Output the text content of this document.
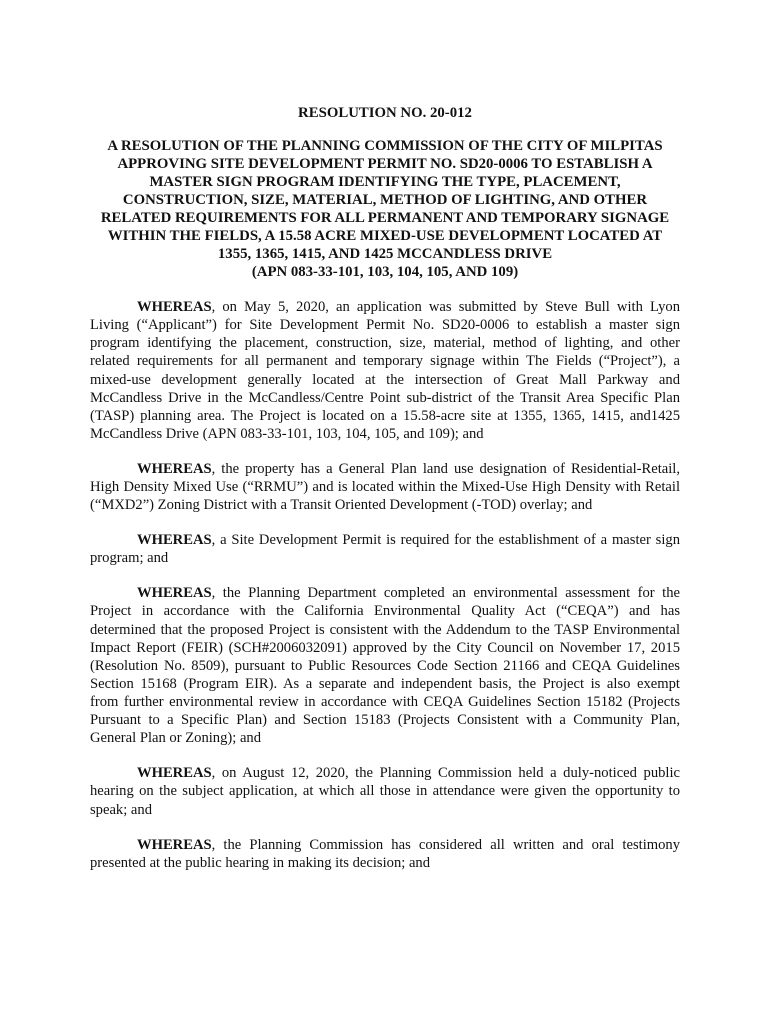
RESOLUTION NO. 20-012
A RESOLUTION OF THE PLANNING COMMISSION OF THE CITY OF MILPITAS
APPROVING SITE DEVELOPMENT PERMIT NO. SD20-0006 TO ESTABLISH A
MASTER SIGN PROGRAM IDENTIFYING THE TYPE, PLACEMENT,
CONSTRUCTION, SIZE, MATERIAL, METHOD OF LIGHTING, AND OTHER
RELATED REQUIREMENTS FOR ALL PERMANENT AND TEMPORARY SIGNAGE
WITHIN THE FIELDS, A 15.58 ACRE MIXED-USE DEVELOPMENT LOCATED AT
1355, 1365, 1415, AND 1425 MCCANDLESS DRIVE
(APN 083-33-101, 103, 104, 105, AND 109)
WHEREAS, on May 5, 2020, an application was submitted by Steve Bull with Lyon
Living (“Applicant”) for Site Development Permit No. SD20-0006 to establish a master sign
program identifying the placement, construction, size, material, method of lighting, and other
related requirements for all permanent and temporary signage within The Fields (“Project”), a
mixed-use development generally located at the intersection of Great Mall Parkway and
McCandless Drive in the McCandless/Centre Point sub-district of the Transit Area Specific Plan
(TASP) planning area. The Project is located on a 15.58-acre site at 1355, 1365, 1415, and1425
McCandless Drive (APN 083-33-101, 103, 104, 105, and 109); and
WHEREAS, the property has a General Plan land use designation of Residential-Retail,
High Density Mixed Use (“RRMU”) and is located within the Mixed-Use High Density with Retail
(“MXD2”) Zoning District with a Transit Oriented Development (-TOD) overlay; and
WHEREAS, a Site Development Permit is required for the establishment of a master sign
program; and
WHEREAS, the Planning Department completed an environmental assessment for the
Project in accordance with the California Environmental Quality Act (“CEQA”) and has
determined that the proposed Project is consistent with the Addendum to the TASP Environmental
Impact Report (FEIR) (SCH#2006032091) approved by the City Council on November 17, 2015
(Resolution No. 8509), pursuant to Public Resources Code Section 21166 and CEQA Guidelines
Section 15168 (Program EIR). As a separate and independent basis, the Project is also exempt
from further environmental review in accordance with CEQA Guidelines Section 15182 (Projects
Pursuant to a Specific Plan) and Section 15183 (Projects Consistent with a Community Plan,
General Plan or Zoning); and
WHEREAS, on August 12, 2020, the Planning Commission held a duly-noticed public
hearing on the subject application, at which all those in attendance were given the opportunity to
speak; and
WHEREAS, the Planning Commission has considered all written and oral testimony
presented at the public hearing in making its decision; and
